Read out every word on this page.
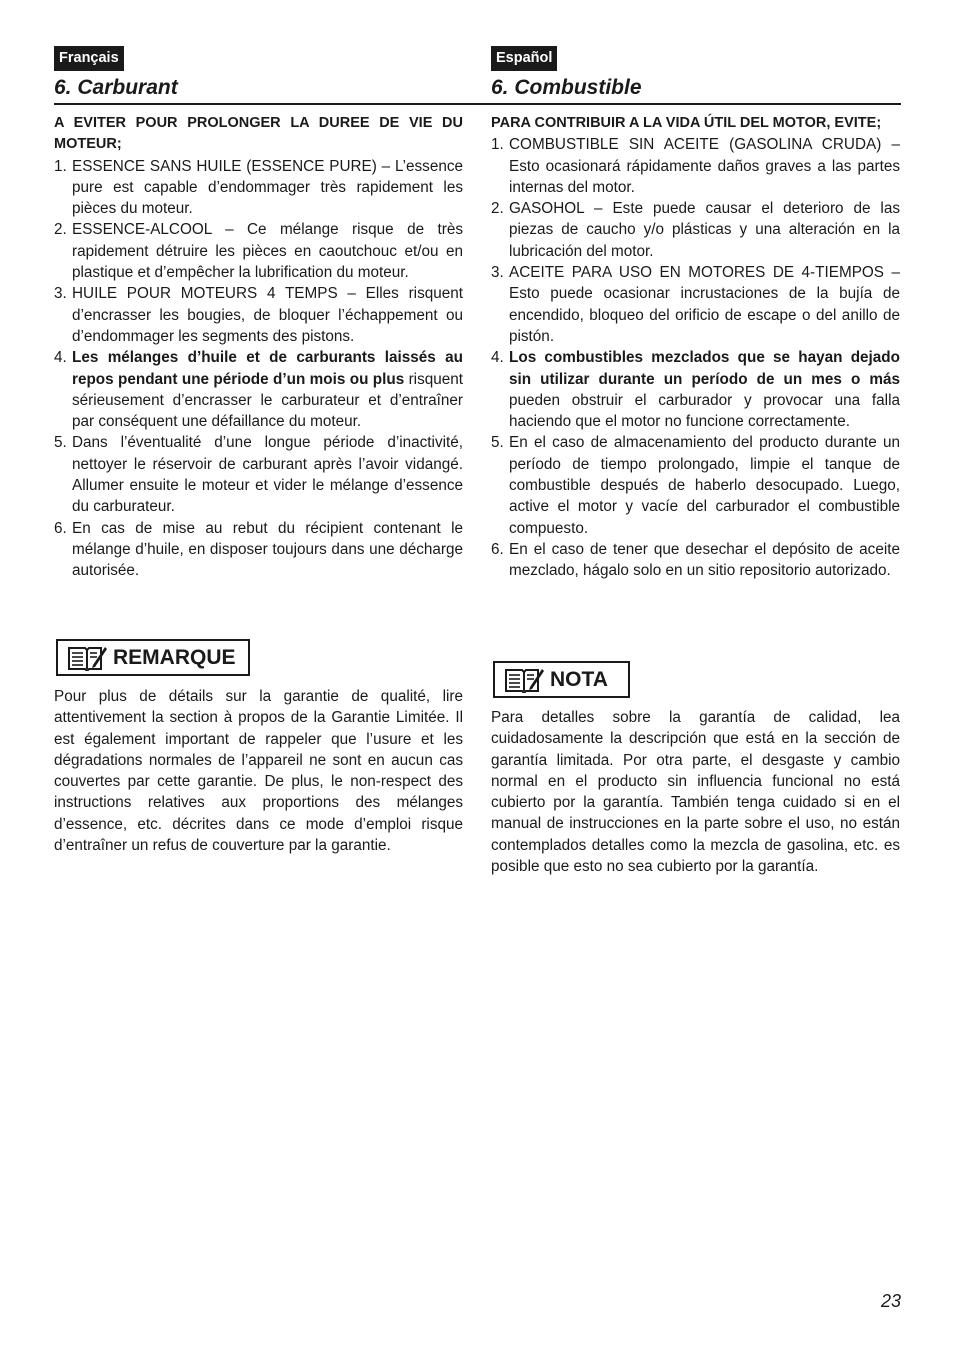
Français
6. Carburant
Español
6. Combustible
A EVITER POUR PROLONGER LA DUREE DE VIE DU MOTEUR;
1. ESSENCE SANS HUILE (ESSENCE PURE) – L’essence pure est capable d’endommager très rapidement les pièces du moteur.
2. ESSENCE-ALCOOL – Ce mélange risque de très rapidement détruire les pièces en caoutchouc et/ou en plastique et d’empêcher la lubrification du moteur.
3. HUILE POUR MOTEURS 4 TEMPS – Elles risquent d’encrasser les bougies, de bloquer l’échappement ou d’endommager les segments des pistons.
4. Les mélanges d’huile et de carburants laissés au repos pendant une période d’un mois ou plus risquent sérieusement d’encrasser le carburateur et d’entraîner par conséquent une défaillance du moteur.
5. Dans l’éventualité d’une longue période d’inactivité, nettoyer le réservoir de carburant après l’avoir vidangé. Allumer ensuite le moteur et vider le mélange d’essence du carburateur.
6. En cas de mise au rebut du récipient contenant le mélange d’huile, en disposer toujours dans une décharge autorisée.
PARA CONTRIBUIR A LA VIDA ÚTIL DEL MOTOR, EVITE;
1. COMBUSTIBLE SIN ACEITE (GASOLINA CRUDA) – Esto ocasionará rápidamente daños graves a las partes internas del motor.
2. GASOHOL – Este puede causar el deterioro de las piezas de caucho y/o plásticas y una alteración en la lubricación del motor.
3. ACEITE PARA USO EN MOTORES DE 4-TIEMPOS – Esto puede ocasionar incrustaciones de la bujía de encendido, bloqueo del orificio de escape o del anillo de pistón.
4. Los combustibles mezclados que se hayan dejado sin utilizar durante un período de un mes o más pueden obstruir el carburador y provocar una falla haciendo que el motor no funcione correctamente.
5. En el caso de almacenamiento del producto durante un período de tiempo prolongado, limpie el tanque de combustible después de haberlo desocupado. Luego, active el motor y vacíe del carburador el combustible compuesto.
6. En el caso de tener que desechar el depósito de aceite mezclado, hágalo solo en un sitio repositorio autorizado.
REMARQUE
Pour plus de détails sur la garantie de qualité, lire attentivement la section à propos de la Garantie Limitée. Il est également important de rappeler que l’usure et les dégradations normales de l’appareil ne sont en aucun cas couvertes par cette garantie. De plus, le non-respect des instructions relatives aux proportions des mélanges d’essence, etc. décrites dans ce mode d’emploi risque d’entraîner un refus de couverture par la garantie.
NOTA
Para detalles sobre la garantía de calidad, lea cuidadosamente la descripción que está en la sección de garantía limitada. Por otra parte, el desgaste y cambio normal en el producto sin influencia funcional no está cubierto por la garantía. También tenga cuidado si en el manual de instrucciones en la parte sobre el uso, no están contemplados detalles como la mezcla de gasolina, etc. es posible que esto no sea cubierto por la garantía.
23
